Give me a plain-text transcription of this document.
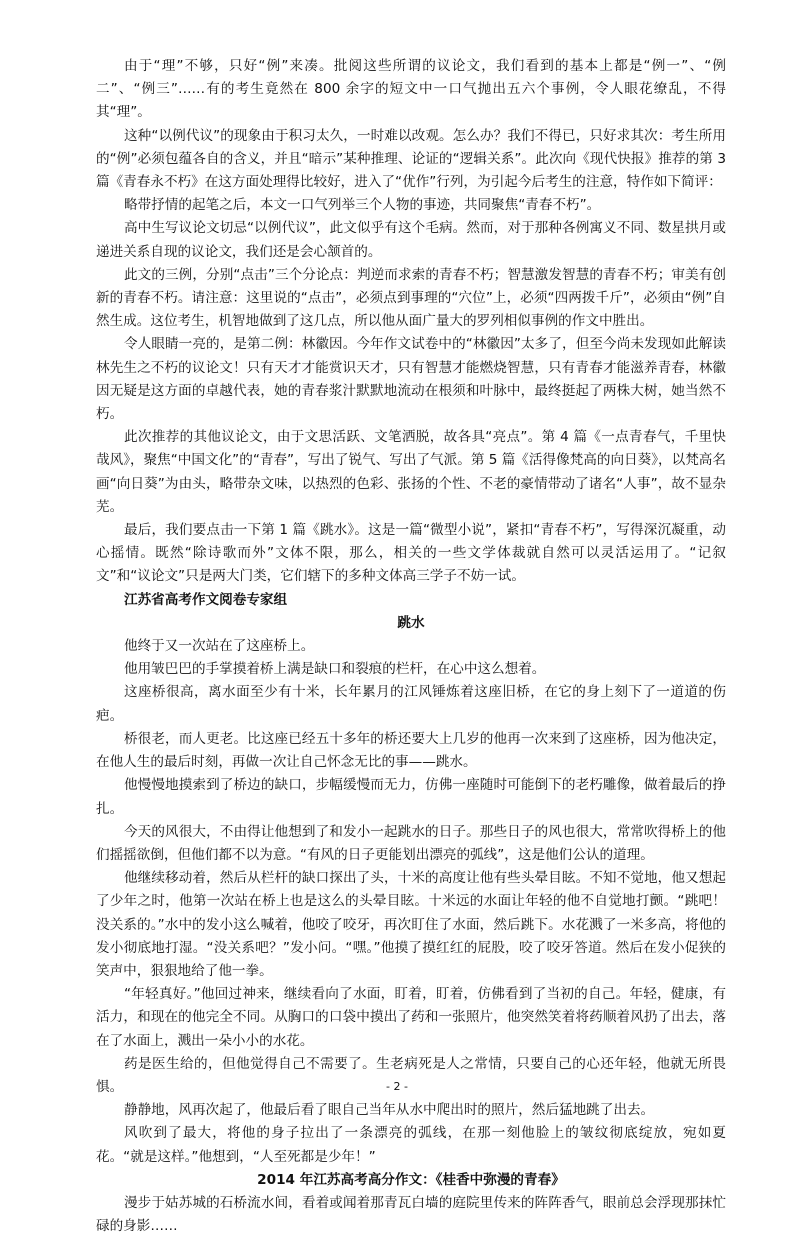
由于“理”不够，只好“例”来凑。批阅这些所谓的议论文，我们看到的基本上都是“例一”、“例二”、“例三”……有的考生竟然在 800 余字的短文中一口气抛出五六个事例，令人眼花缭乱，不得其“理”。

这种“以例代议”的现象由于积习太久，一时难以改观。怎么办？我们不得已，只好求其次：考生所用的“例”必须包蕴各自的含义，并且“暗示”某种推理、论证的“逻辑关系”。此次向《现代快报》推荐的第 3 篇《青春永不朽》在这方面处理得比较好，进入了“优作”行列，为引起今后考生的注意，特作如下简评：

略带抒情的起笔之后，本文一口气列举三个人物的事迹，共同聚焦“青春不朽”。

高中生写议论文切忌“以例代议”，此文似乎有这个毛病。然而，对于那种各例寓义不同、数星拱月或递进关系自现的议论文，我们还是会心颔首的。

此文的三例，分别“点击”三个分论点：判逆而求索的青春不朽；智慧激发智慧的青春不朽；审美有创新的青春不朽。请注意：这里说的“点击”，必须点到事理的“穴位”上，必须“四两拨千斤”，必须由“例”自然生成。这位考生，机智地做到了这几点，所以他从面广量大的罗列相似事例的作文中胜出。

令人眼睛一亮的，是第二例：林徽因。今年作文试卷中的“林徽因”太多了，但至今尚未发现如此解读林先生之不朽的议论文！只有天才才能赏识天才，只有智慧才能燃烧智慧，只有青春才能滋养青春，林徽因无疑是这方面的卓越代表，她的青春浆汁默默地流动在根须和叶脉中，最终挺起了两株大树，她当然不朽。

此次推荐的其他议论文，由于文思活跃、文笔洒脱，故各具“亮点”。第 4 篇《一点青春气，千里快哉风》，聚焦“中国文化”的“青春”，写出了锐气、写出了气派。第 5 篇《活得像梵高的向日葵》，以梵高名画“向日葵”为由头，略带杂文味，以热烈的色彩、张扬的个性、不老的豪情带动了诸名“人事”，故不显杂芜。

最后，我们要点击一下第 1 篇《跳水》。这是一篇“微型小说”，紧扣“青春不朽”，写得深沉凝重，动心摇情。既然“除诗歌而外”文体不限，那么，相关的一些文学体裁就自然可以灵活运用了。“记叙文”和“议论文”只是两大门类，它们辖下的多种文体高三学子不妨一试。

江苏省高考作文阅卷专家组

跳水

他终于又一次站在了这座桥上。

他用皱巴巴的手掌摸着桥上满是缺口和裂痕的栏杆，在心中这么想着。

这座桥很高，离水面至少有十米，长年累月的江风锤炼着这座旧桥，在它的身上刻下了一道道的伤疤。

桥很老，而人更老。比这座已经五十多年的桥还要大上几岁的他再一次来到了这座桥，因为他决定，在他人生的最后时刻，再做一次让自己怀念无比的事——跳水。

他慢慢地摸索到了桥边的缺口，步幅缓慢而无力，仿佛一座随时可能倒下的老朽雕像，做着最后的挣扎。

今天的风很大，不由得让他想到了和发小一起跳水的日子。那些日子的风也很大，常常吹得桥上的他们摇摇欲倒，但他们都不以为意。“有风的日子更能划出漂亮的弧线”，这是他们公认的道理。

他继续移动着，然后从栏杆的缺口探出了头，十米的高度让他有些头晕目眩。不知不觉地，他又想起了少年之时，他第一次站在桥上也是这么的头晕目眩。十米远的水面让年轻的他不自觉地打颤。“跳吧！没关系的。”水中的发小这么喊着，他咬了咬牙，再次盯住了水面，然后跳下。水花溅了一米多高，将他的发小彻底地打湿。“没关系吧？”发小问。“嘿。”他摸了摸红红的屁股，咬了咬牙答道。然后在发小促狭的笑声中，狠狠地给了他一拳。

“年轻真好。”他回过神来，继续看向了水面，盯着，盯着，仿佛看到了当初的自己。年轻，健康，有活力，和现在的他完全不同。从胸口的口袋中摸出了药和一张照片，他突然笑着将药顺着风扔了出去，落在了水面上，溅出一朵小小的水花。

药是医生给的，但他觉得自己不需要了。生老病死是人之常情，只要自己的心还年轻，他就无所畏惧。

静静地，风再次起了，他最后看了眼自己当年从水中爬出时的照片，然后猛地跳了出去。

风吹到了最大，将他的身子拉出了一条漂亮的弧线，在那一刻他脸上的皱纹彻底绽放，宛如夏花。“就是这样。”他想到，“人至死都是少年！”

2014 年江苏高考高分作文：《桂香中弥漫的青春》

漫步于姑苏城的石桥流水间，看着或闻着那青瓦白墙的庭院里传来的阵阵香气，眼前总会浮现那抹忙碌的身影……

- 2 -
